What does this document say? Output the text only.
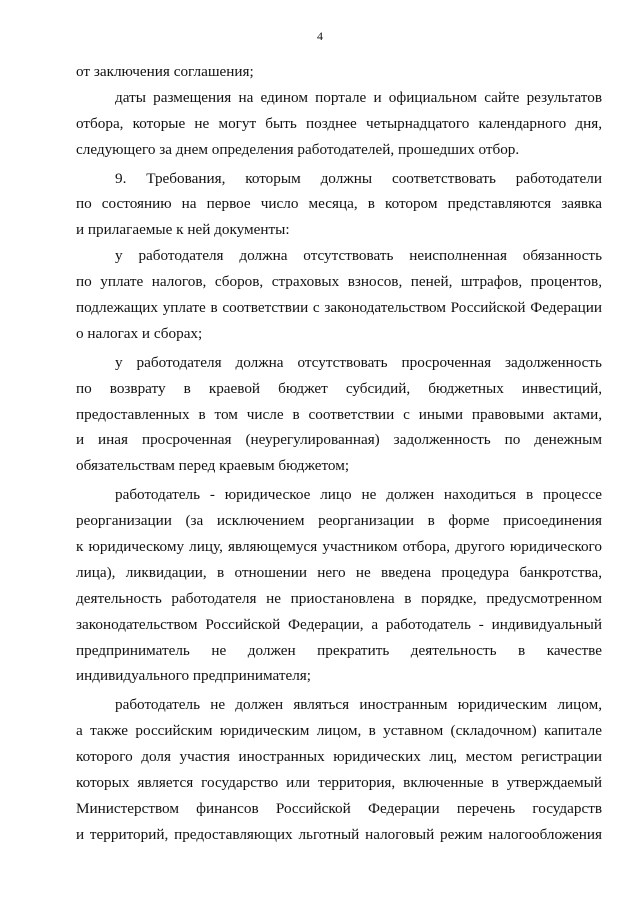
4
от заключения соглашения;
даты размещения на едином портале и официальном сайте результатов
отбора, которые не могут быть позднее четырнадцатого календарного дня,
следующего за днем определения работодателей, прошедших отбор.
9. Требования, которым должны соответствовать работодатели
по состоянию на первое число месяца, в котором представляются заявка
и прилагаемые к ней документы:
у работодателя должна отсутствовать неисполненная обязанность
по уплате налогов, сборов, страховых взносов, пеней, штрафов, процентов,
подлежащих уплате в соответствии с законодательством Российской Федерации
о налогах и сборах;
у работодателя должна отсутствовать просроченная задолженность
по возврату в краевой бюджет субсидий, бюджетных инвестиций,
предоставленных в том числе в соответствии с иными правовыми актами,
и иная просроченная (неурегулированная) задолженность по денежным
обязательствам перед краевым бюджетом;
работодатель - юридическое лицо не должен находиться в процессе
реорганизации (за исключением реорганизации в форме присоединения
к юридическому лицу, являющемуся участником отбора, другого юридического
лица), ликвидации, в отношении него не введена процедура банкротства,
деятельность работодателя не приостановлена в порядке, предусмотренном
законодательством Российской Федерации, а работодатель - индивидуальный
предприниматель не должен прекратить деятельность в качестве
индивидуального предпринимателя;
работодатель не должен являться иностранным юридическим лицом,
а также российским юридическим лицом, в уставном (складочном) капитале
которого доля участия иностранных юридических лиц, местом регистрации
которых является государство или территория, включенные в утверждаемый
Министерством финансов Российской Федерации перечень государств
и территорий, предоставляющих льготный налоговый режим налогообложения
